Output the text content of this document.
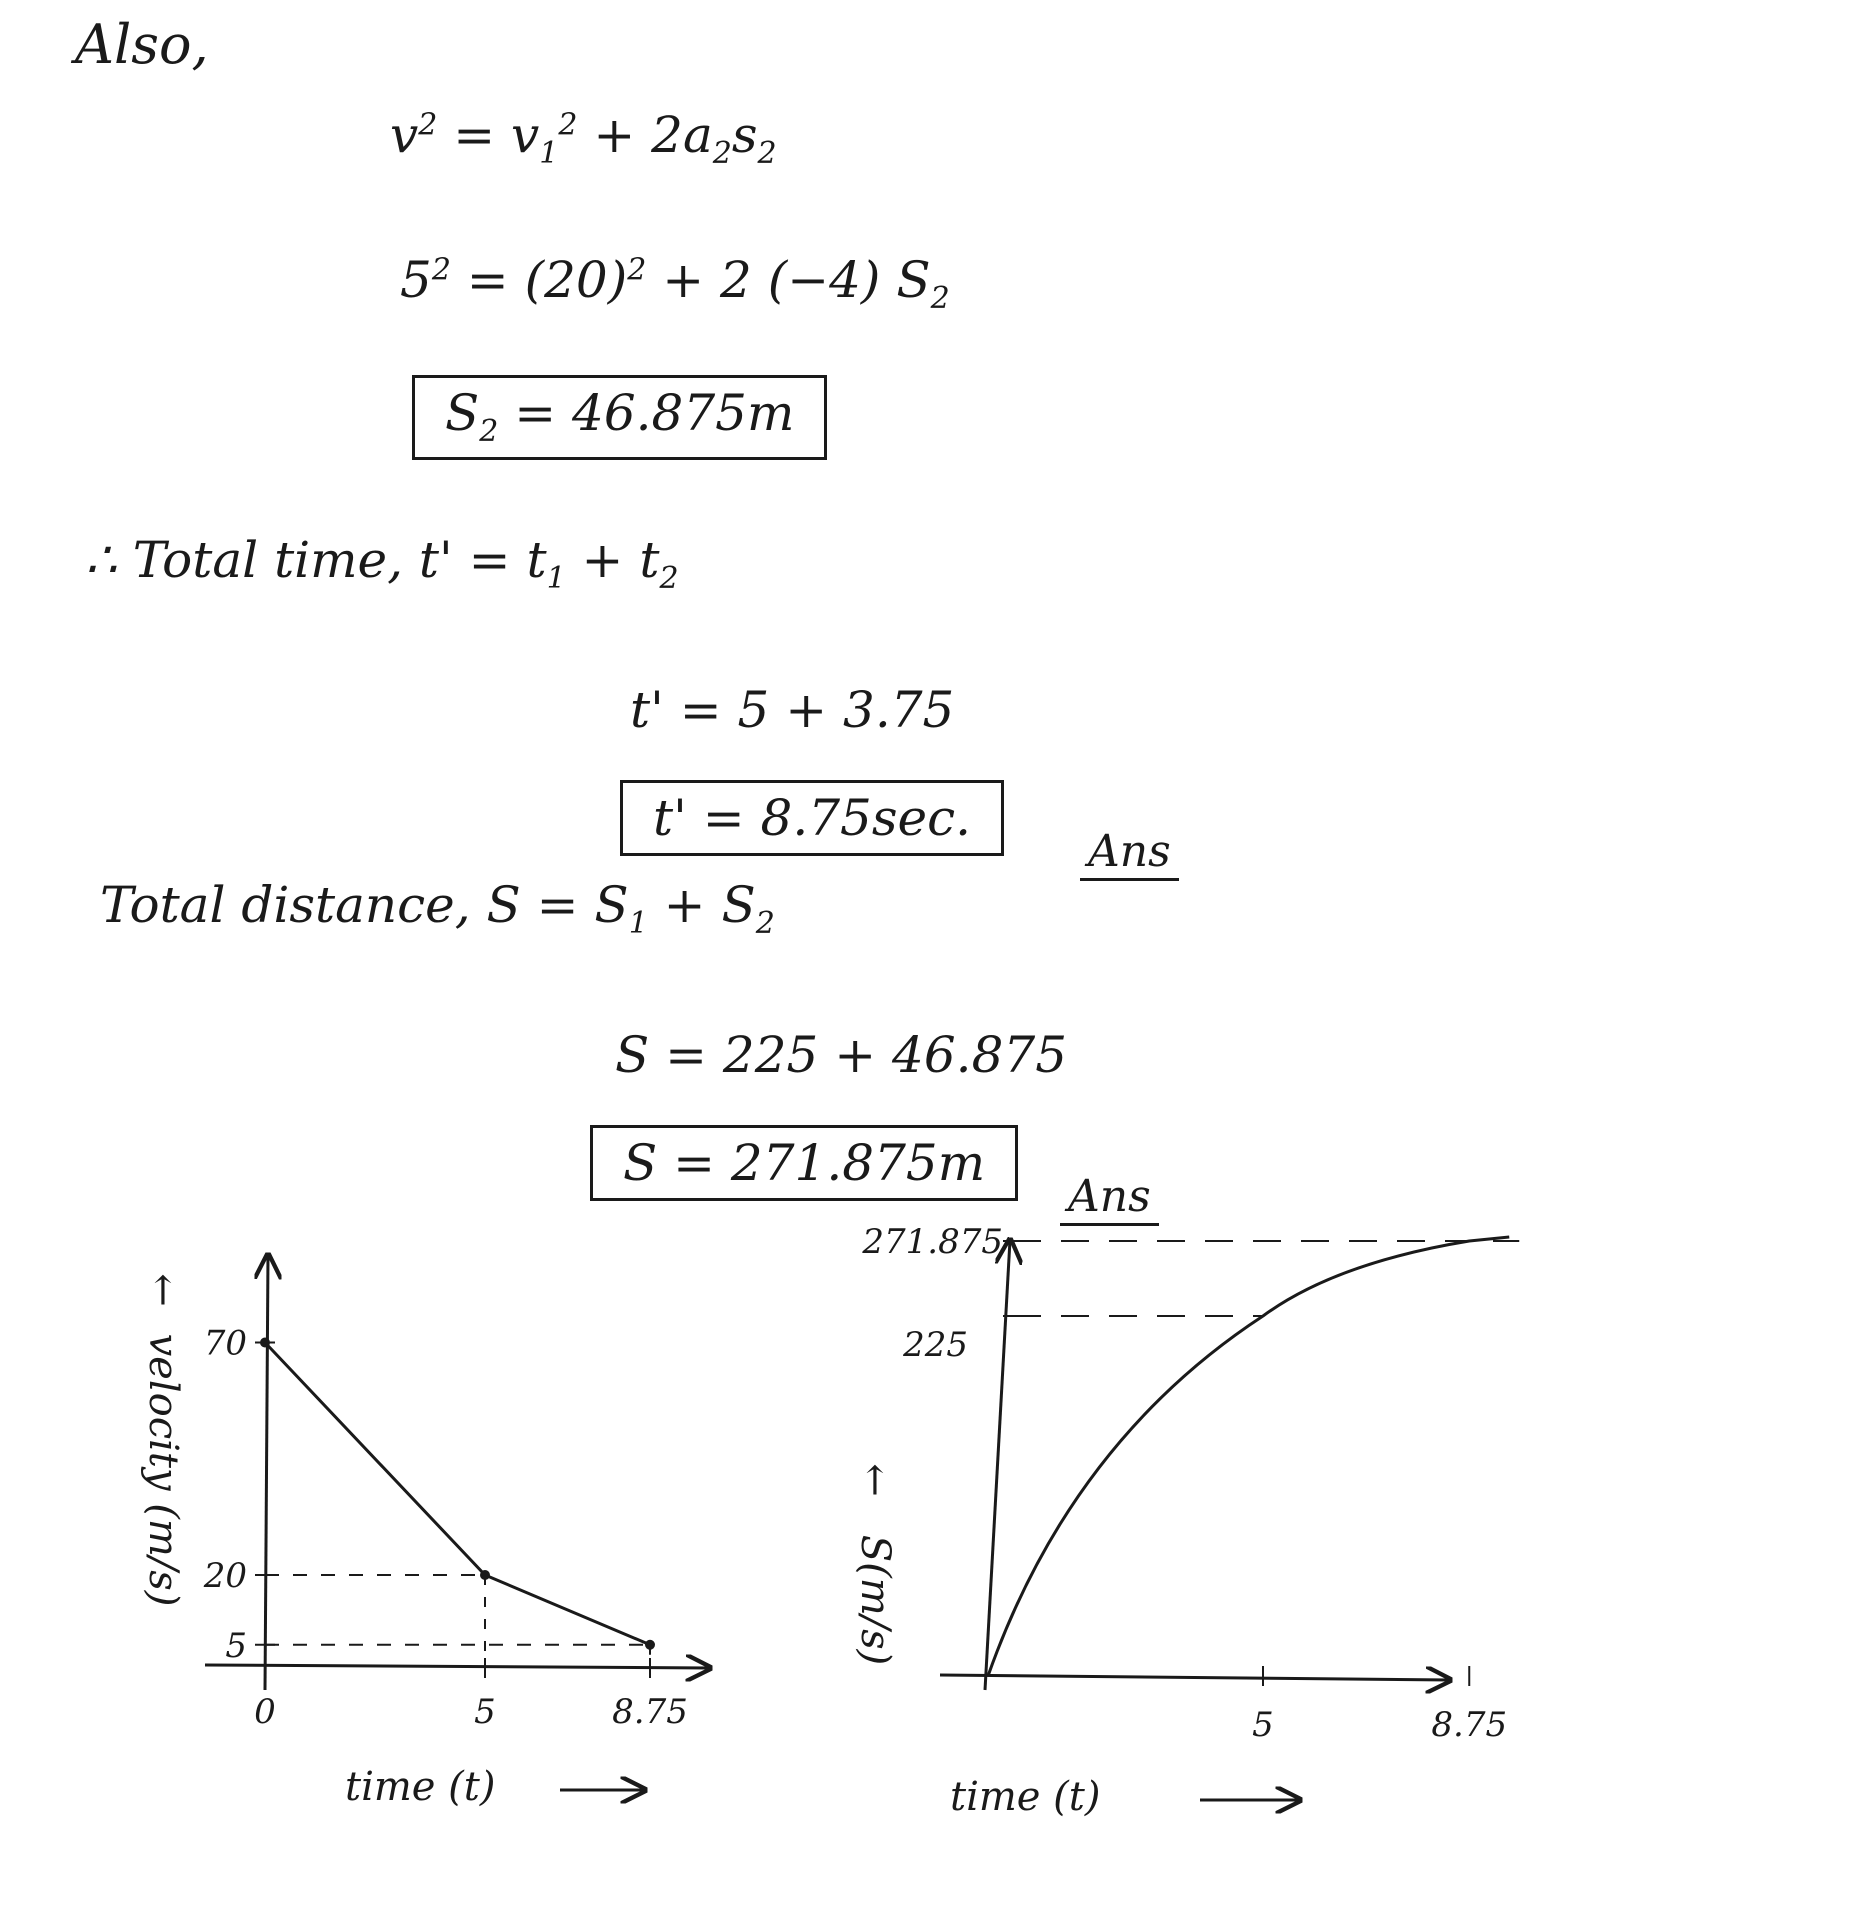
Also,
$v^2 = v_1^2 + 2a_2s_2$
$5^2 = (20)^2 + 2$ (−4) $S_2$
$S_2 = 46.875m$
∴ Total time, $t' = t_1 + t_2$
t' = 5 + 3.75
t' = 8.75sec.
Ans
Total distance, $S = S_1 + S_2$
S = 225 + 46.875
S = 271.875m
Ans
0	5	8.75
70
20
5
velocity (m/s)
←
time (t)
5	8.75
271.875
225
S(m/s)
←
time (t)
